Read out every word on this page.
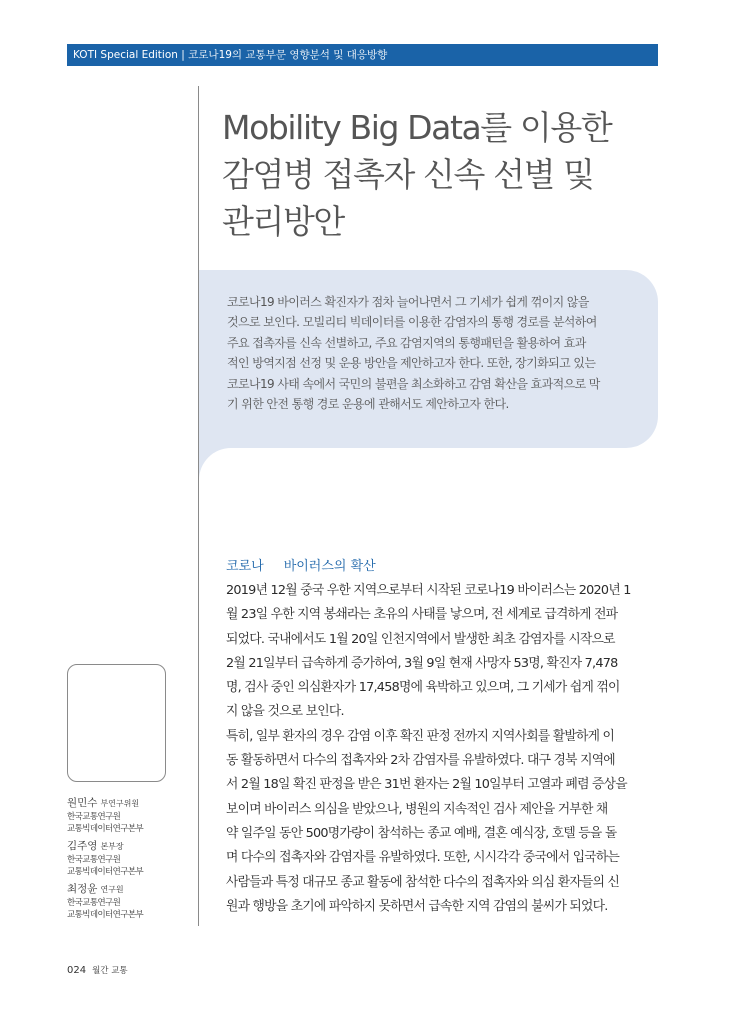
KOTI Special Edition | 코로나19의 교통부문 영향분석 및 대응방향
Mobility Big Data를 이용한
감염병 접촉자 신속 선별 및
관리방안
코로나19 바이러스 확진자가 점차 늘어나면서 그 기세가 쉽게 꺾이지 않을
것으로 보인다. 모빌리티 빅데이터를 이용한 감염자의 통행 경로를 분석하여
주요 접촉자를 신속 선별하고, 주요 감염지역의 통행패턴을 활용하여 효과
적인 방역지점 선정 및 운용 방안을 제안하고자 한다. 또한, 장기화되고 있는
코로나19 사태 속에서 국민의 불편을 최소화하고 감염 확산을 효과적으로 막
기 위한 안전 통행 경로 운용에 관해서도 제안하고자 한다.
코로나 바이러스의 확산
2019년 12월 중국 우한 지역으로부터 시작된 코로나19 바이러스는 2020년 1
월 23일 우한 지역 봉쇄라는 초유의 사태를 낳으며, 전 세계로 급격하게 전파
되었다. 국내에서도 1월 20일 인천지역에서 발생한 최초 감염자를 시작으로
2월 21일부터 급속하게 증가하여, 3월 9일 현재 사망자 53명, 확진자 7,478
명, 검사 중인 의심환자가 17,458명에 육박하고 있으며, 그 기세가 쉽게 꺾이
지 않을 것으로 보인다.
특히, 일부 환자의 경우 감염 이후 확진 판정 전까지 지역사회를 활발하게 이
동 활동하면서 다수의 접촉자와 2차 감염자를 유발하였다. 대구 경북 지역에
서 2월 18일 확진 판정을 받은 31번 환자는 2월 10일부터 고열과 폐렴 증상을
보이며 바이러스 의심을 받았으나, 병원의 지속적인 검사 제안을 거부한 채
약 일주일 동안 500명가량이 참석하는 종교 예배, 결혼 예식장, 호텔 등을 돌
며 다수의 접촉자와 감염자를 유발하였다. 또한, 시시각각 중국에서 입국하는
사람들과 특정 대규모 종교 활동에 참석한 다수의 접촉자와 의심 환자들의 신
원과 행방을 초기에 파악하지 못하면서 급속한 지역 감염의 불씨가 되었다.
원민수 부연구위원
한국교통연구원
교통빅데이터연구본부
김주영 본부장
한국교통연구원
교통빅데이터연구본부
최정윤 연구원
한국교통연구원
교통빅데이터연구본부
024 월간 교통
